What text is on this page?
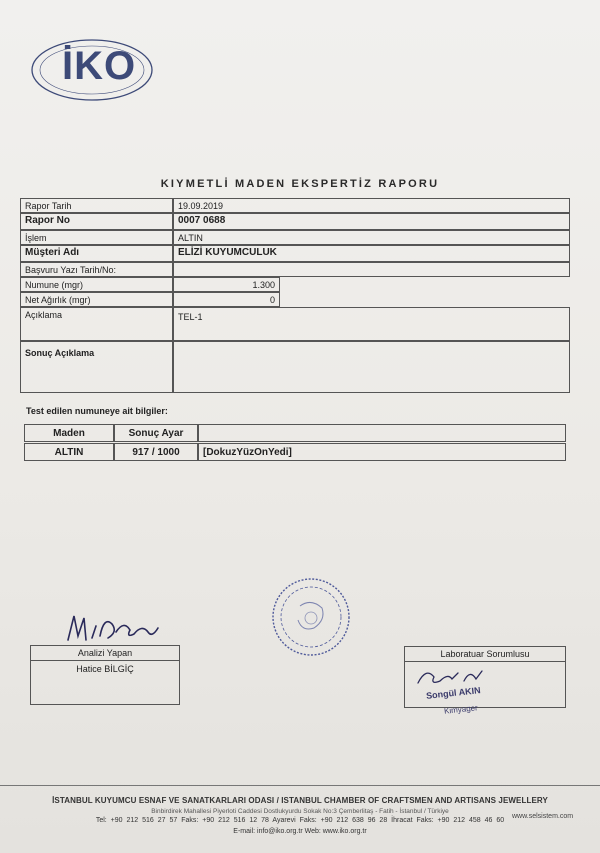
İKO
KIYMETLİ MADEN EKSPERTİZ RAPORU
Rapor Tarih	19.09.2019
Rapor No	0007 0688
İşlem	ALTIN
Müşteri Adı	ELİZİ KUYUMCULUK
Başvuru Yazı Tarih/No:
Numune (mgr)	1.300
Net Ağırlık (mgr)	0
Açıklama	TEL-1
Sonuç Açıklama
Test edilen numuneye ait bilgiler:
Maden	Sonuç Ayar
ALTIN	917 / 1000	[DokuzYüzOnYedi]
Analizi Yapan
Hatice BİLGİÇ
Laboratuar Sorumlusu
Songül AKIN
Kimyager
İSTANBUL KUYUMCU ESNAF VE SANATKARLARI ODASI / ISTANBUL CHAMBER OF CRAFTSMEN AND ARTISANS JEWELLERY
Binbirdirek Mahallesi Piyerloti Caddesi Dostlukyurdu Sokak No:3 Çemberlitaş - Fatih - İstanbul / Türkiye
Tel: +90 212 516 27 57 Faks: +90 212 516 12 78 Ayarevi Faks: +90 212 638 96 28 İhracat Faks: +90 212 458 46 60
E-mail: info@iko.org.tr Web: www.iko.org.tr
www.selsistem.com
